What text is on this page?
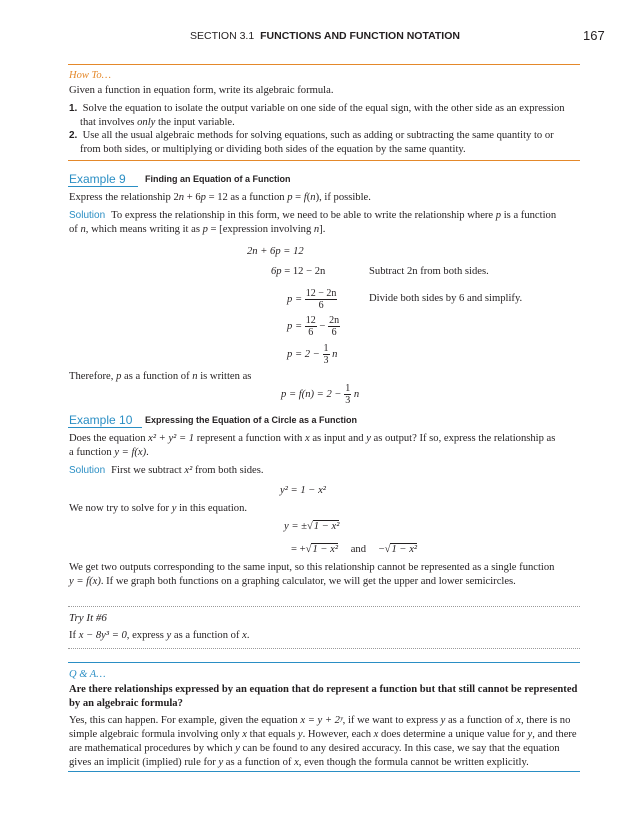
SECTION 3.1 FUNCTIONS AND FUNCTION NOTATION	167
How To…
Given a function in equation form, write its algebraic formula.
1. Solve the equation to isolate the output variable on one side of the equal sign, with the other side as an expression
that involves only the input variable.
2. Use all the usual algebraic methods for solving equations, such as adding or subtracting the same quantity to or
from both sides, or multiplying or dividing both sides of the equation by the same quantity.
Example 9 Finding an Equation of a Function
Express the relationship 2n + 6p = 12 as a function p = f(n), if possible.
Solution To express the relationship in this form, we need to be able to write the relationship where p is a function
of n, which means writing it as p = [expression involving n].
2n + 6p = 12
6p = 12 − 2n	Subtract 2n from both sides.
$p = \frac{12 - 2n}{6}$	Divide both sides by 6 and simplify.
$p = \frac{12}{6} - \frac{2n}{6}$
$p = 2 - \frac{1}{3}$ n
Therefore, p as a function of n is written as
$p = f(n) = 2 - \frac{1}{3}$ n
Example 10 Expressing the Equation of a Circle as a Function
Does the equation x² + y² = 1 represent a function with x as input and y as output? If so, express the relationship as
a function y = f(x).
Solution First we subtract x² from both sides.
y² = 1 − x²
We now try to solve for y in this equation.
y = ±√1 − x²
= +√1 − x² and −√1 − x²
We get two outputs corresponding to the same input, so this relationship cannot be represented as a single function
y = f(x). If we graph both functions on a graphing calculator, we will get the upper and lower semicircles.
Try It #6
If x − 8y³ = 0, express y as a function of x.
Q & A…
Are there relationships expressed by an equation that do represent a function but that still cannot be represented
by an algebraic formula?
Yes, this can happen. For example, given the equation x = y + 2ʸ, if we want to express y as a function of x, there is no
simple algebraic formula involving only x that equals y. However, each x does determine a unique value for y, and there
are mathematical procedures by which y can be found to any desired accuracy. In this case, we say that the equation
gives an implicit (implied) rule for y as a function of x, even though the formula cannot be written explicitly.
